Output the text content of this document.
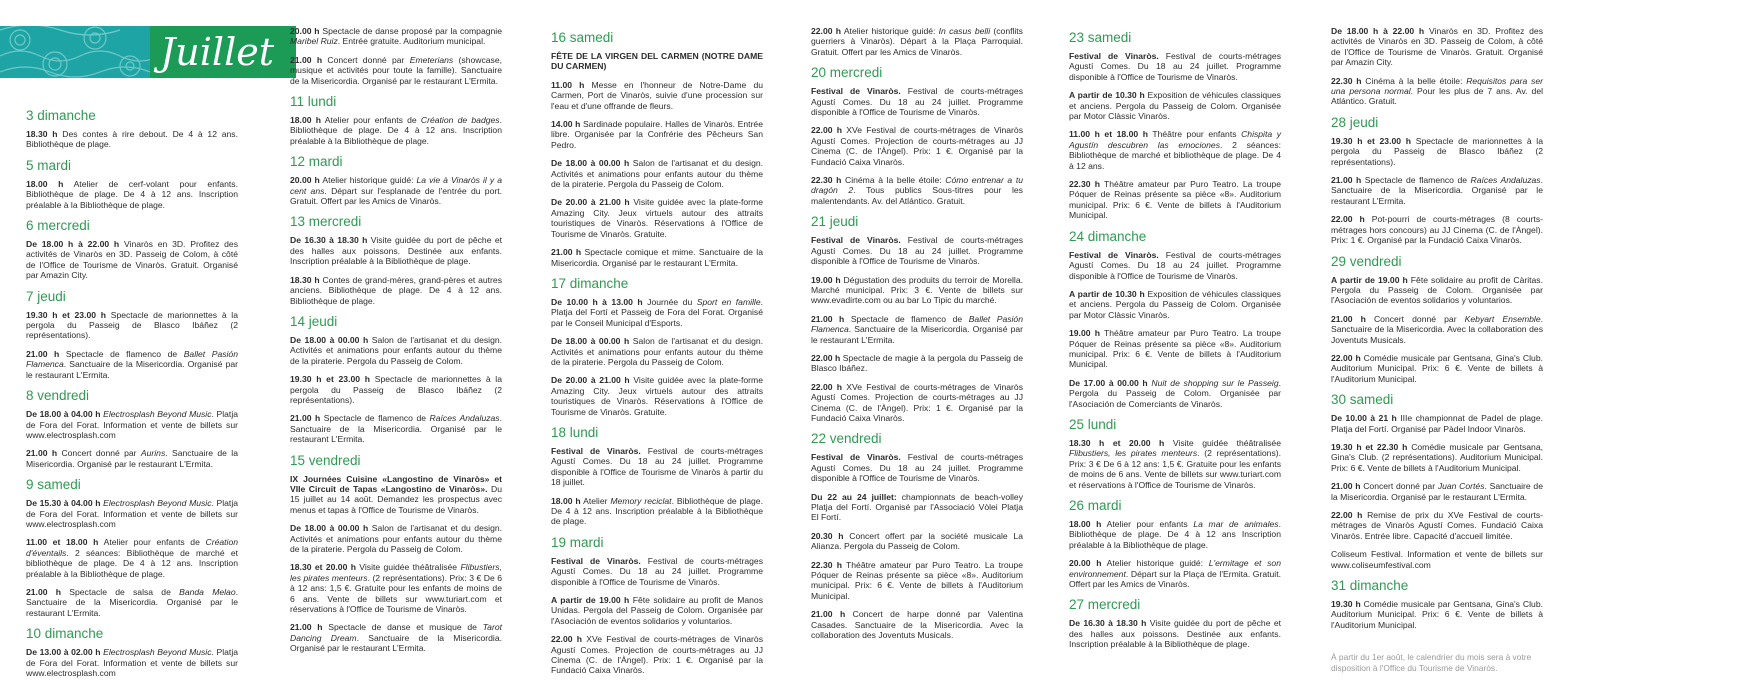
Juillet
3 dimanche
18.30 h Des contes à rire debout. De 4 à 12 ans. Bibliothèque de plage.
5 mardi
18.00 h Atelier de cerf-volant pour enfants. Bibliothèque de plage. De 4 à 12 ans. Inscription préalable à la Bibliothèque de plage.
6 mercredi
De 18.00 h à 22.00 h Vinaròs en 3D. Profitez des activités de Vinaròs en 3D. Passeig de Colom, à côté de l'Office de Tourisme de Vinaròs. Gratuit. Organisé par Amazin City.
7 jeudi
19.30 h et 23.00 h Spectacle de marionnettes à la pergola du Passeig de Blasco Ibáñez (2 représentations).
21.00 h Spectacle de flamenco de Ballet Pasión Flamenca. Sanctuaire de la Misericordia. Organisé par le restaurant L'Ermita.
8 vendredi
De 18.00 à 04.00 h Electrosplash Beyond Music. Platja de Fora del Forat. Information et vente de billets sur www.electrosplash.com
21.00 h Concert donné par Aurins. Sanctuaire de la Misericordia. Organisé par le restaurant L'Ermita.
9 samedi
De 15.30 à 04.00 h Electrosplash Beyond Music. Platja de Fora del Forat. Information et vente de billets sur www.electrosplash.com
11.00 et 18.00 h Atelier pour enfants de Création d'éventails. 2 séances: Bibliothèque de marché et bibliothèque de plage. De 4 à 12 ans. Inscription préalable à la Bibliothèque de plage.
21.00 h Spectacle de salsa de Banda Melao. Sanctuaire de la Misericordia. Organisé par le restaurant L'Ermita.
10 dimanche
De 13.00 à 02.00 h Electrosplash Beyond Music. Platja de Fora del Forat. Information et vente de billets sur www.electrosplash.com
20.00 h Spectacle de danse proposé par la compagnie Maribel Ruiz. Entrée gratuite. Auditorium municipal.
21.00 h Concert donné par Emeterians (showcase, musique et activités pour toute la famille). Sanctuaire de la Misericordia. Organisé par le restaurant L'Ermita.
11 lundi
18.00 h Atelier pour enfants de Création de badges. Bibliothèque de plage. De 4 à 12 ans. Inscription préalable à la Bibliothèque de plage.
12 mardi
20.00 h Atelier historique guidé: La vie à Vinaròs il y a cent ans. Départ sur l'esplanade de l'entrée du port. Gratuit. Offert par les Amics de Vinaròs.
13 mercredi
De 16.30 à 18.30 h Visite guidée du port de pêche et des halles aux poissons. Destinée aux enfants. Inscription préalable à la Bibliothèque de plage.
18.30 h Contes de grand-mères, grand-pères et autres anciens. Bibliothèque de plage. De 4 à 12 ans. Bibliothèque de plage.
14 jeudi
De 18.00 à 00.00 h Salon de l'artisanat et du design. Activités et animations pour enfants autour du thème de la piraterie. Pergola du Passeig de Colom.
19.30 h et 23.00 h Spectacle de marionnettes à la pergola du Passeig de Blasco Ibáñez (2 représentations).
21.00 h Spectacle de flamenco de Raíces Andaluzas. Sanctuaire de la Misericordia. Organisé par le restaurant L'Ermita.
15 vendredi
IX Journées Cuisine «Langostino de Vinaròs» et VIIe Circuit de Tapas «Langostino de Vinaròs». Du 15 juillet au 14 août. Demandez les prospectus avec menus et tapas à l'Office de Tourisme de Vinaròs.
De 18.00 à 00.00 h Salon de l'artisanat et du design. Activités et animations pour enfants autour du thème de la piraterie. Pergola du Passeig de Colom.
18.30 et 20.00 h Visite guidée théâtralisée Flibustiers, les pirates menteurs. (2 représentations). Prix: 3 € De 6 à 12 ans: 1,5 €. Gratuite pour les enfants de moins de 6 ans. Vente de billets sur www.turiart.com et réservations à l'Office de Tourisme de Vinaròs.
21.00 h Spectacle de danse et musique de Tarot Dancing Dream. Sanctuaire de la Misericordia. Organisé par le restaurant L'Ermita.
16 samedi
FÊTE DE LA VIRGEN DEL CARMEN (NOTRE DAME DU CARMEN)
11.00 h Messe en l'honneur de Notre-Dame du Carmen, Port de Vinaròs, suivie d'une procession sur l'eau et d'une offrande de fleurs.
14.00 h Sardinade populaire. Halles de Vinaròs. Entrée libre. Organisée par la Confrérie des Pêcheurs San Pedro.
De 18.00 à 00.00 h Salon de l'artisanat et du design. Activités et animations pour enfants autour du thème de la piraterie. Pergola du Passeig de Colom.
De 20.00 à 21.00 h Visite guidée avec la plate-forme Amazing City. Jeux virtuels autour des attraits touristiques de Vinaròs. Réservations à l'Office de Tourisme de Vinaròs. Gratuite.
21.00 h Spectacle comique et mime. Sanctuaire de la Misericordia. Organisé par le restaurant L'Ermita.
17 dimanche
De 10.00 h à 13.00 h Journée du Sport en famille. Platja del Fortí et Passeig de Fora del Forat. Organisé par le Conseil Municipal d'Esports.
De 18.00 à 00.00 h Salon de l'artisanat et du design. Activités et animations pour enfants autour du thème de la piraterie. Pergola du Passeig de Colom.
De 20.00 à 21.00 h Visite guidée avec la plate-forme Amazing City. Jeux virtuels autour des attraits touristiques de Vinaròs. Réservations à l'Office de Tourisme de Vinaròs. Gratuite.
18 lundi
Festival de Vinaròs. Festival de courts-métrages Agustí Comes. Du 18 au 24 juillet. Programme disponible à l'Office de Tourisme de Vinaròs à partir du 18 juillet.
18.00 h Atelier Memory reciclat. Bibliothèque de plage. De 4 à 12 ans. Inscription préalable à la Bibliothèque de plage.
19 mardi
Festival de Vinaròs. Festival de courts-métrages Agustí Comes. Du 18 au 24 juillet. Programme disponible à l'Office de Tourisme de Vinaròs.
A partir de 19.00 h Fête solidaire au profit de Manos Unidas. Pergola del Passeig de Colom. Organisée par l'Asociación de eventos solidarios y voluntarios.
22.00 h XVe Festival de courts-métrages de Vinaròs Agustí Comes. Projection de courts-métrages au JJ Cinema (C. de l'Àngel). Prix: 1 €. Organisé par la Fundació Caixa Vinaròs.
22.00 h Atelier historique guidé: In casus belli (conflits guerriers à Vinaròs). Départ à la Plaça Parroquial. Gratuit. Offert par les Amics de Vinaròs.
20 mercredi
Festival de Vinaròs. Festival de courts-métrages Agustí Comes. Du 18 au 24 juillet. Programme disponible à l'Office de Tourisme de Vinaròs.
22.00 h XVe Festival de courts-métrages de Vinaròs Agustí Comes. Projection de courts-métrages au JJ Cinema (C. de l'Àngel). Prix: 1 €. Organisé par la Fundació Caixa Vinaròs.
22.30 h Cinéma à la belle étoile: Cómo entrenar a tu dragón 2. Tous publics Sous-titres pour les malentendants. Av. del Atlántico. Gratuit.
21 jeudi
Festival de Vinaròs. Festival de courts-métrages Agustí Comes. Du 18 au 24 juillet. Programme disponible à l'Office de Tourisme de Vinaròs.
19.00 h Dégustation des produits du terroir de Morella. Marché municipal. Prix: 3 €. Vente de billets sur www.evadirte.com ou au bar Lo Tipic du marché.
21.00 h Spectacle de flamenco de Ballet Pasión Flamenca. Sanctuaire de la Misericordia. Organisé par le restaurant L'Ermita.
22.00 h Spectacle de magie à la pergola du Passeig de Blasco Ibáñez.
22.00 h XVe Festival de courts-métrages de Vinaròs Agustí Comes. Projection de courts-métrages au JJ Cinema (C. de l'Àngel). Prix: 1 €. Organisé par la Fundació Caixa Vinaròs.
22 vendredi
Festival de Vinaròs. Festival de courts-métrages Agustí Comes. Du 18 au 24 juillet. Programme disponible à l'Office de Tourisme de Vinaròs.
Du 22 au 24 juillet: championnats de beach-volley Platja del Fortí. Organisé par l'Associació Vòlei Platja El Fortí.
20.30 h Concert offert par la société musicale La Alianza. Pergola du Passeig de Colom.
22.30 h Théâtre amateur par Puro Teatro. La troupe Póquer de Reinas présente sa pièce «8». Auditorium municipal. Prix: 6 €. Vente de billets à l'Auditorium Municipal.
21.00 h Concert de harpe donné par Valentina Casades. Sanctuaire de la Misericordia. Avec la collaboration des Joventuts Musicals.
23 samedi
Festival de Vinaròs. Festival de courts-métrages Agustí Comes. Du 18 au 24 juillet. Programme disponible à l'Office de Tourisme de Vinaròs.
A partir de 10.30 h Exposition de véhicules classiques et anciens. Pergola du Passeig de Colom. Organisée par Motor Clàssic Vinaròs.
11.00 h et 18.00 h Théâtre pour enfants Chispita y Agustín descubren las emociones. 2 séances: Bibliothèque de marché et bibliothèque de plage. De 4 à 12 ans.
22.30 h Théâtre amateur par Puro Teatro. La troupe Póquer de Reinas présente sa pièce «8». Auditorium municipal. Prix: 6 €. Vente de billets à l'Auditorium Municipal.
24 dimanche
Festival de Vinaròs. Festival de courts-métrages Agustí Comes. Du 18 au 24 juillet. Programme disponible à l'Office de Tourisme de Vinaròs.
A partir de 10.30 h Exposition de véhicules classiques et anciens. Pergola du Passeig de Colom. Organisée par Motor Clàssic Vinaròs.
19.00 h Théâtre amateur par Puro Teatro. La troupe Póquer de Reinas présente sa pièce «8». Auditorium municipal. Prix: 6 €. Vente de billets à l'Auditorium Municipal.
De 17.00 à 00.00 h Nuit de shopping sur le Passeig. Pergola du Passeig de Colom. Organisée par l'Asociación de Comerciants de Vinaròs.
25 lundi
18.30 h et 20.00 h Visite guidée théâtralisée Flibustiers, les pirates menteurs. (2 représentations). Prix: 3 € De 6 à 12 ans: 1,5 €. Gratuite pour les enfants de moins de 6 ans. Vente de billets sur www.turiart.com et réservations à l'Office de Tourisme de Vinaròs.
26 mardi
18.00 h Atelier pour enfants La mar de animales. Bibliothèque de plage. De 4 à 12 ans Inscription préalable à la Bibliothèque de plage.
20.00 h Atelier historique guidé: L'ermitage et son environnement. Départ sur la Plaça de l'Ermita. Gratuit. Offert par les Amics de Vinaròs.
27 mercredi
De 16.30 à 18.30 h Visite guidée du port de pêche et des halles aux poissons. Destinée aux enfants. Inscription préalable à la Bibliothèque de plage.
De 18.00 h à 22.00 h Vinaròs en 3D. Profitez des activités de Vinaròs en 3D. Passeig de Colom, à côté de l'Office de Tourisme de Vinaròs. Gratuit. Organisé par Amazin City.
22.30 h Cinéma à la belle étoile: Requisitos para ser una persona normal. Pour les plus de 7 ans. Av. del Atlántico. Gratuit.
28 jeudi
19.30 h et 23.00 h Spectacle de marionnettes à la pergola du Passeig de Blasco Ibáñez (2 représentations).
21.00 h Spectacle de flamenco de Raíces Andaluzas. Sanctuaire de la Misericordia. Organisé par le restaurant L'Ermita.
22.00 h Pot-pourri de courts-métrages (8 courts-métrages hors concours) au JJ Cinema (C. de l'Àngel). Prix: 1 €. Organisé par la Fundació Caixa Vinaròs.
29 vendredi
A partir de 19.00 h Fête solidaire au profit de Càritas. Pergola du Passeig de Colom. Organisée par l'Asociación de eventos solidarios y voluntarios.
21.00 h Concert donné par Kebyart Ensemble. Sanctuaire de la Misericordia. Avec la collaboration des Joventuts Musicals.
22.00 h Comédie musicale par Gentsana, Gina's Club. Auditorium Municipal. Prix: 6 €. Vente de billets à l'Auditorium Municipal.
30 samedi
De 10.00 à 21 h IIIe championnat de Padel de plage. Platja del Fortí. Organisé par Pàdel Indoor Vinaròs.
19.30 h et 22.30 h Comédie musicale par Gentsana, Gina's Club. (2 représentations). Auditorium Municipal. Prix: 6 €. Vente de billets à l'Auditorium Municipal.
21.00 h Concert donné par Juan Cortés. Sanctuaire de la Misericordia. Organisé par le restaurant L'Ermita.
22.00 h Remise de prix du XVe Festival de courts-métrages de Vinaròs Agustí Comes. Fundació Caixa Vinaròs. Entrée libre. Capacité d'accueil limitée.
Coliseum Festival. Information et vente de billets sur www.coliseumfestival.com
31 dimanche
19.30 h Comédie musicale par Gentsana, Gina's Club. Auditorium Municipal. Prix: 6 €. Vente de billets à l'Auditorium Municipal.
À partir du 1er août, le calendrier du mois sera à votre disposition à l'Office du Tourisme de Vinaròs.
